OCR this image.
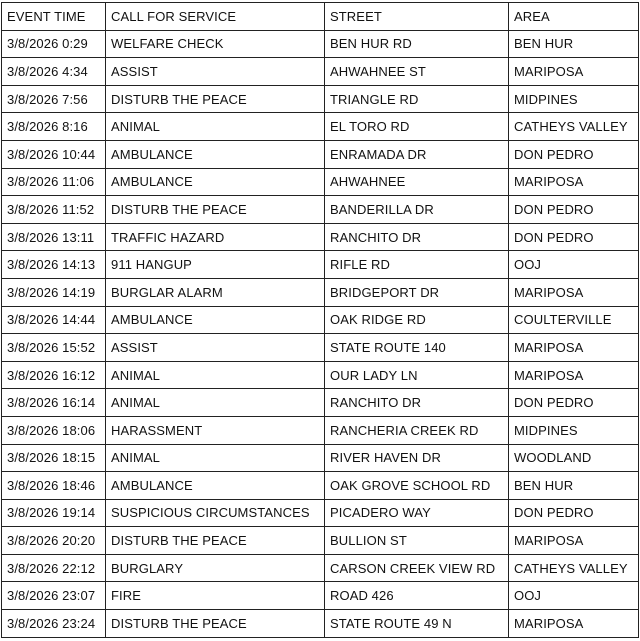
EVENT TIME	CALL FOR SERVICE	STREET	AREA
3/8/2026 0:29	WELFARE CHECK	BEN HUR RD	BEN HUR
3/8/2026 4:34	ASSIST	AHWAHNEE ST	MARIPOSA
3/8/2026 7:56	DISTURB THE PEACE	TRIANGLE RD	MIDPINES
3/8/2026 8:16	ANIMAL	EL TORO RD	CATHEYS VALLEY
3/8/2026 10:44	AMBULANCE	ENRAMADA DR	DON PEDRO
3/8/2026 11:06	AMBULANCE	AHWAHNEE	MARIPOSA
3/8/2026 11:52	DISTURB THE PEACE	BANDERILLA DR	DON PEDRO
3/8/2026 13:11	TRAFFIC HAZARD	RANCHITO DR	DON PEDRO
3/8/2026 14:13	911 HANGUP	RIFLE RD	OOJ
3/8/2026 14:19	BURGLAR ALARM	BRIDGEPORT DR	MARIPOSA
3/8/2026 14:44	AMBULANCE	OAK RIDGE RD	COULTERVILLE
3/8/2026 15:52	ASSIST	STATE ROUTE 140	MARIPOSA
3/8/2026 16:12	ANIMAL	OUR LADY LN	MARIPOSA
3/8/2026 16:14	ANIMAL	RANCHITO DR	DON PEDRO
3/8/2026 18:06	HARASSMENT	RANCHERIA CREEK RD	MIDPINES
3/8/2026 18:15	ANIMAL	RIVER HAVEN DR	WOODLAND
3/8/2026 18:46	AMBULANCE	OAK GROVE SCHOOL RD	BEN HUR
3/8/2026 19:14	SUSPICIOUS CIRCUMSTANCES	PICADERO WAY	DON PEDRO
3/8/2026 20:20	DISTURB THE PEACE	BULLION ST	MARIPOSA
3/8/2026 22:12	BURGLARY	CARSON CREEK VIEW RD	CATHEYS VALLEY
3/8/2026 23:07	FIRE	ROAD 426	OOJ
3/8/2026 23:24	DISTURB THE PEACE	STATE ROUTE 49 N	MARIPOSA
